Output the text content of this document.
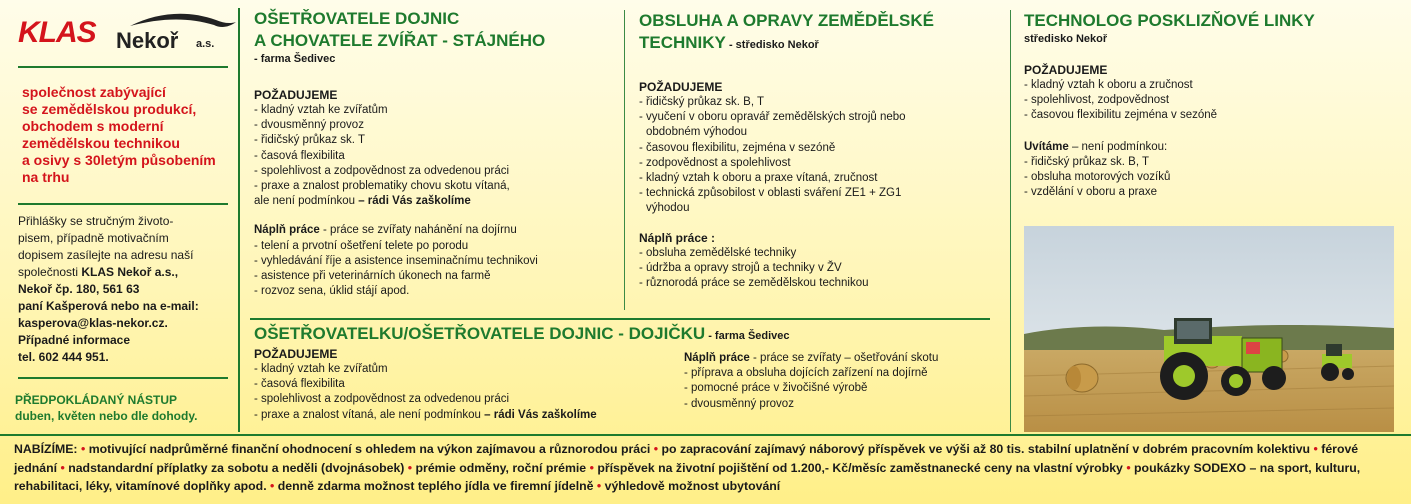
KLAS Nekoř a.s.
společnost zabývající
se zemědělskou produkcí,
obchodem s moderní
zemědělskou technikou
a osivy s 30letým působením
na trhu
Přihlášky se stručným životo-
pisem, případně motivačním
dopisem zasílejte na adresu naší
společnosti KLAS Nekoř a.s.,
Nekoř čp. 180, 561 63
paní Kašperová nebo na e-mail:
kasperova@klas-nekor.cz.
Případné informace
tel. 602 444 951.
PŘEDPOKLÁDANÝ NÁSTUP
duben, květen nebo dle dohody.
OŠETŘOVATELE DOJNIC
A CHOVATELE ZVÍŘAT - STÁJNÉHO
- farma Šedivec
POŽADUJEME
- kladný vztah ke zvířatům
- dvousměnný provoz
- řidičský průkaz sk. T
- časová flexibilita
- spolehlivost a zodpovědnost za odvedenou práci
- praxe a znalost problematiky chovu skotu vítaná,
ale není podmínkou – rádi Vás zaškolíme
Náplň práce - práce se zvířaty nahánění na dojírnu
- telení a prvotní ošetření telete po porodu
- vyhledávání říje a asistence inseminačnímu technikovi
- asistence při veterinárních úkonech na farmě
- rozvoz sena, úklid stájí apod.
OBSLUHA A OPRAVY ZEMĚDĚLSKÉ
TECHNIKY - středisko Nekoř
POŽADUJEME
- řidičský průkaz sk. B, T
- vyučení v oboru opravář zemědělských strojů nebo
obdobném výhodou
- časovou flexibilitu, zejména v sezóně
- zodpovědnost a spolehlivost
- kladný vztah k oboru a praxe vítaná, zručnost
- technická způsobilost v oblasti sváření ZE1 + ZG1
výhodou
Náplň práce :
- obsluha zemědělské techniky
- údržba a opravy strojů a techniky v ŽV
- různorodá práce se zemědělskou technikou
TECHNOLOG POSKLIZŇOVÉ LINKY
středisko Nekoř
POŽADUJEME
- kladný vztah k oboru a zručnost
- spolehlivost, zodpovědnost
- časovou flexibilitu zejména v sezóně
Uvítáme – není podmínkou:
- řidičský průkaz sk. B, T
- obsluha motorových vozíků
- vzdělání v oboru a praxe
OŠETŘOVATELKU/OŠETŘOVATELE DOJNIC - DOJIČKU - farma Šedivec
POŽADUJEME
- kladný vztah ke zvířatům
- časová flexibilita
- spolehlivost a zodpovědnost za odvedenou práci
- praxe a znalost vítaná, ale není podmínkou – rádi Vás zaškolíme
Náplň práce - práce se zvířaty – ošetřování skotu
- příprava a obsluha dojících zařízení na dojírně
- pomocné práce v živočišné výrobě
- dvousměnný provoz
NABÍZÍME: • motivující nadprůměrné finanční ohodnocení s ohledem na výkon zajímavou a různorodou práci • po zapracování zajímavý náborový příspěvek ve výši až 80 tis. stabilní uplatnění v dobrém pracovním kolektivu • férové jednání • nadstandardní příplatky za sobotu a neděli (dvojnásobek) • prémie odměny, roční prémie • příspěvek na životní pojištění od 1.200,- Kč/měsíc zaměstnanecké ceny na vlastní výrobky • poukázky SODEXO – na sport, kulturu, rehabilitaci, léky, vitamínové doplňky apod. • denně zdarma možnost teplého jídla ve firemní jídelně • výhledově možnost ubytování
